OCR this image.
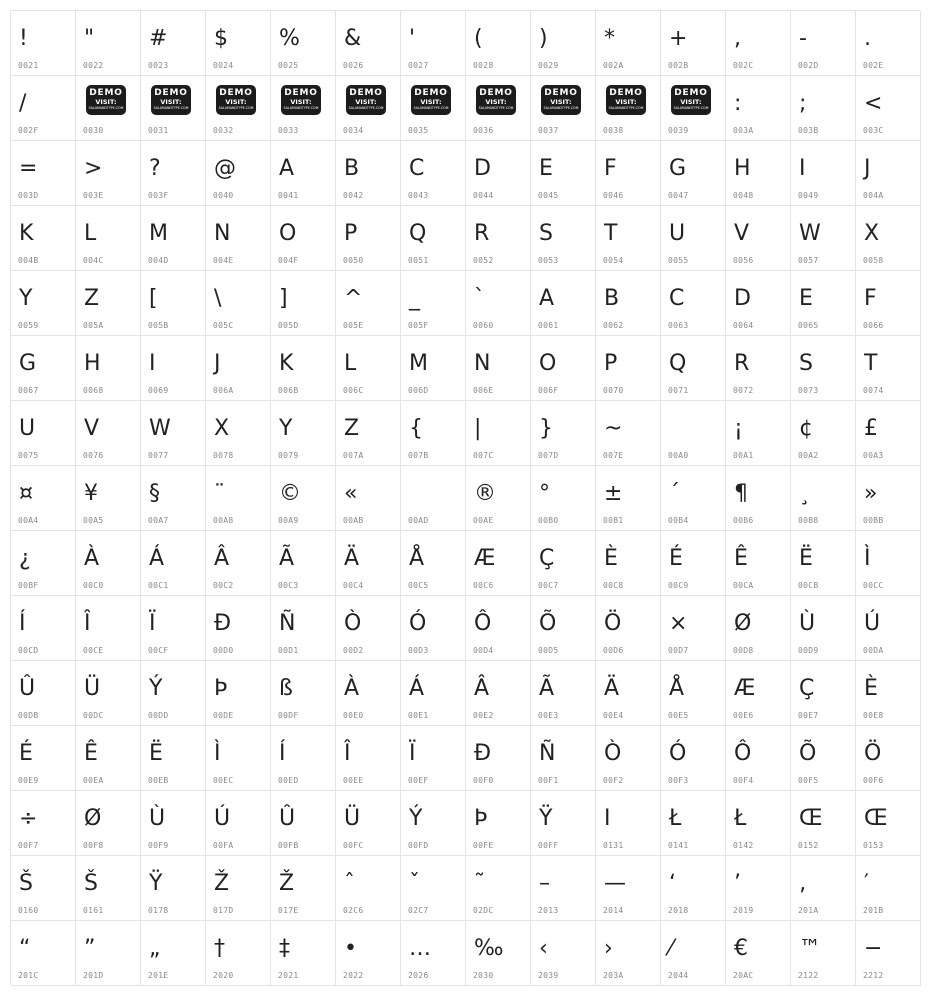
!
0021
"
0022
#
0023
$
0024
%
0025
&
0026
'
0027
(
0028
)
0029
*
002A
+
002B
,
002C
-
002D
.
002E
/
002F
DEMO
VISIT:
SALAMANDTYPE.COM
0030
DEMO
VISIT:
SALAMANDTYPE.COM
0031
DEMO
VISIT:
SALAMANDTYPE.COM
0032
DEMO
VISIT:
SALAMANDTYPE.COM
0033
DEMO
VISIT:
SALAMANDTYPE.COM
0034
DEMO
VISIT:
SALAMANDTYPE.COM
0035
DEMO
VISIT:
SALAMANDTYPE.COM
0036
DEMO
VISIT:
SALAMANDTYPE.COM
0037
DEMO
VISIT:
SALAMANDTYPE.COM
0038
DEMO
VISIT:
SALAMANDTYPE.COM
0039
:
003A
;
003B
<
003C
=
003D
>
003E
?
003F
@
0040
A
0041
B
0042
C
0043
D
0044
E
0045
F
0046
G
0047
H
0048
I
0049
J
004A
K
004B
L
004C
M
004D
N
004E
O
004F
P
0050
Q
0051
R
0052
S
0053
T
0054
U
0055
V
0056
W
0057
X
0058
Y
0059
Z
005A
[
005B
\
005C
]
005D
^
005E
_
005F
`
0060
A
0061
B
0062
C
0063
D
0064
E
0065
F
0066
G
0067
H
0068
I
0069
J
006A
K
006B
L
006C
M
006D
N
006E
O
006F
P
0070
Q
0071
R
0072
S
0073
T
0074
U
0075
V
0076
W
0077
X
0078
Y
0079
Z
007A
{
007B
|
007C
}
007D
~
007E	00A0
¡
00A1
¢
00A2
£
00A3
¤
00A4
¥
00A5
§
00A7
¨
00A8
©
00A9
«
00AB	00AD
®
00AE
°
00B0
±
00B1
´
00B4
¶
00B6
¸
00B8
»
00BB
¿
00BF
À
00C0
Á
00C1
Â
00C2
Ã
00C3
Ä
00C4
Å
00C5
Æ
00C6
Ç
00C7
È
00C8
É
00C9
Ê
00CA
Ë
00CB
Ì
00CC
Í
00CD
Î
00CE
Ï
00CF
Ð
00D0
Ñ
00D1
Ò
00D2
Ó
00D3
Ô
00D4
Õ
00D5
Ö
00D6
×
00D7
Ø
00D8
Ù
00D9
Ú
00DA
Û
00DB
Ü
00DC
Ý
00DD
Þ
00DE
ß
00DF
À
00E0
Á
00E1
Â
00E2
Ã
00E3
Ä
00E4
Å
00E5
Æ
00E6
Ç
00E7
È
00E8
É
00E9
Ê
00EA
Ë
00EB
Ì
00EC
Í
00ED
Î
00EE
Ï
00EF
Ð
00F0
Ñ
00F1
Ò
00F2
Ó
00F3
Ô
00F4
Õ
00F5
Ö
00F6
÷
00F7
Ø
00F8
Ù
00F9
Ú
00FA
Û
00FB
Ü
00FC
Ý
00FD
Þ
00FE
Ÿ
00FF
I
0131
Ł
0141
Ł
0142
Œ
0152
Œ
0153
Š
0160
Š
0161
Ÿ
0178
Ž
017D
Ž
017E
ˆ
02C6
ˇ
02C7
˜
02DC
–
2013
—
2014
‘
2018
’
2019
‚
201A
′
201B
“
201C
”
201D
„
201E
†
2020
‡
2021
•
2022
…
2026
‰
2030
‹
2039
›
203A
⁄
2044
€
20AC
™
2122
−
2212
